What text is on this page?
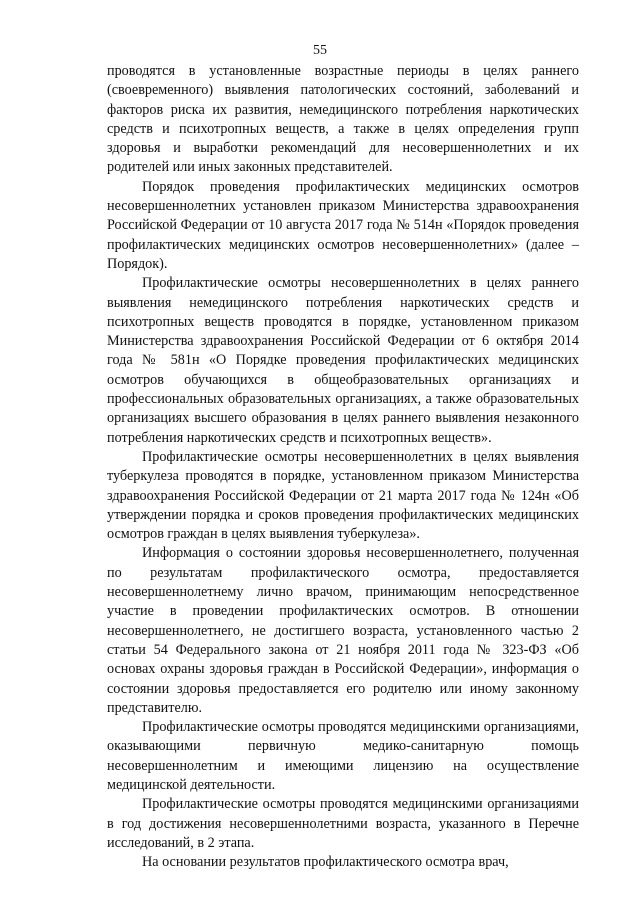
55

проводятся в установленные возрастные периоды в целях раннего (своевременного) выявления патологических состояний, заболеваний и факторов риска их развития, немедицинского потребления наркотических средств и психотропных веществ, а также в целях определения групп здоровья и выработки рекомендаций для несовершеннолетних и их родителей или иных законных представителей.

Порядок проведения профилактических медицинских осмотров несовершеннолетних установлен приказом Министерства здравоохранения Российской Федерации от 10 августа 2017 года № 514н «Порядок проведения профилактических медицинских осмотров несовершеннолетних» (далее – Порядок).

Профилактические осмотры несовершеннолетних в целях раннего выявления немедицинского потребления наркотических средств и психотропных веществ проводятся в порядке, установленном приказом Министерства здравоохранения Российской Федерации от 6 октября 2014 года № 581н «О Порядке проведения профилактических медицинских осмотров обучающихся в общеобразовательных организациях и профессиональных образовательных организациях, а также образовательных организациях высшего образования в целях раннего выявления незаконного потребления наркотических средств и психотропных веществ».

Профилактические осмотры несовершеннолетних в целях выявления туберкулеза проводятся в порядке, установленном приказом Министерства здравоохранения Российской Федерации от 21 марта 2017 года № 124н «Об утверждении порядка и сроков проведения профилактических медицинских осмотров граждан в целях выявления туберкулеза».

Информация о состоянии здоровья несовершеннолетнего, полученная по результатам профилактического осмотра, предоставляется несовершеннолетнему лично врачом, принимающим непосредственное участие в проведении профилактических осмотров. В отношении несовершеннолетнего, не достигшего возраста, установленного частью 2 статьи 54 Федерального закона от 21 ноября 2011 года № 323-ФЗ «Об основах охраны здоровья граждан в Российской Федерации», информация о состоянии здоровья предоставляется его родителю или иному законному представителю.

Профилактические осмотры проводятся медицинскими организациями, оказывающими первичную медико-санитарную помощь несовершеннолетним и имеющими лицензию на осуществление медицинской деятельности.

Профилактические осмотры проводятся медицинскими организациями в год достижения несовершеннолетними возраста, указанного в Перечне исследований, в 2 этапа.

На основании результатов профилактического осмотра врач,
